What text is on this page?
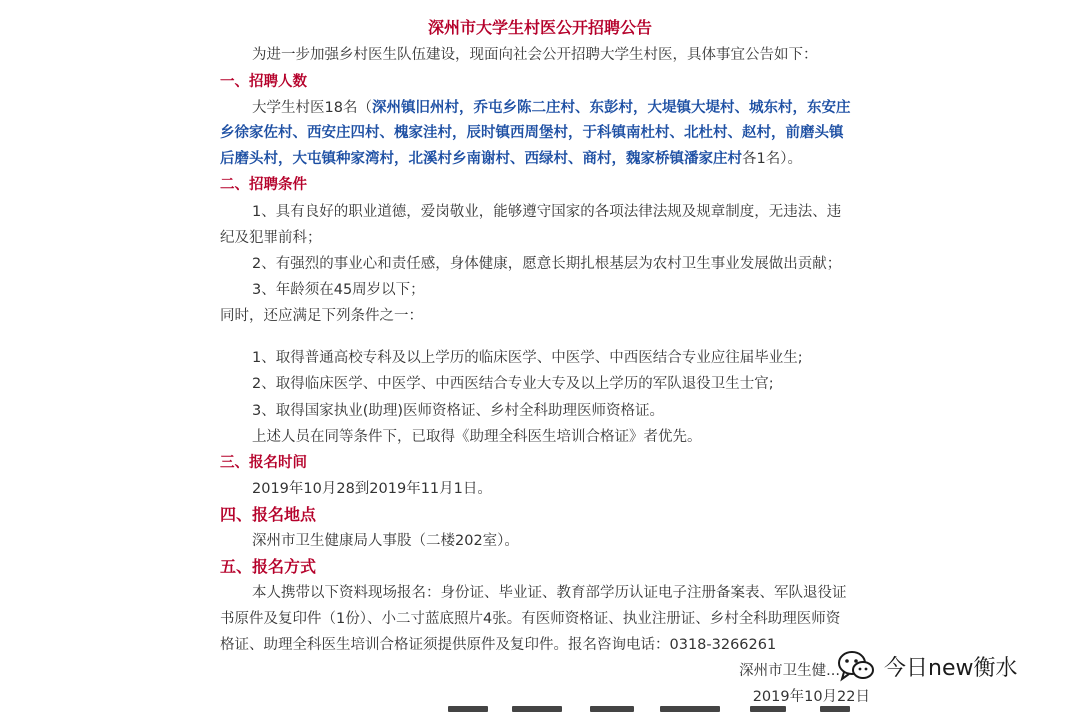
深州市大学生村医公开招聘公告
为进一步加强乡村医生队伍建设，现面向社会公开招聘大学生村医，具体事宜公告如下：
一、招聘人数
大学生村医18名（深州镇旧州村，乔屯乡陈二庄村、东彭村，大堤镇大堤村、城东村，东安庄
乡徐家佐村、西安庄四村、槐家洼村，辰时镇西周堡村，于科镇南杜村、北杜村、赵村，前磨头镇
后磨头村，大屯镇种家湾村，北溪村乡南谢村、西绿村、商村，魏家桥镇潘家庄村各1名）。
二、招聘条件
1、具有良好的职业道德，爱岗敬业，能够遵守国家的各项法律法规及规章制度，无违法、违
纪及犯罪前科；
2、有强烈的事业心和责任感，身体健康，愿意长期扎根基层为农村卫生事业发展做出贡献；
3、年龄须在45周岁以下；
同时，还应满足下列条件之一：
1、取得普通高校专科及以上学历的临床医学、中医学、中西医结合专业应往届毕业生;
2、取得临床医学、中医学、中西医结合专业大专及以上学历的军队退役卫生士官;
3、取得国家执业(助理)医师资格证、乡村全科助理医师资格证。
上述人员在同等条件下，已取得《助理全科医生培训合格证》者优先。
三、报名时间
2019年10月28到2019年11月1日。
四、报名地点
深州市卫生健康局人事股（二楼202室）。
五、报名方式
本人携带以下资料现场报名：身份证、毕业证、教育部学历认证电子注册备案表、军队退役证
书原件及复印件（1份）、小二寸蓝底照片4张。有医师资格证、执业注册证、乡村全科助理医师资
格证、助理全科医生培训合格证须提供原件及复印件。报名咨询电话：0318-3266261
深州市卫生健...
2019年10月22日
今日new衡水
